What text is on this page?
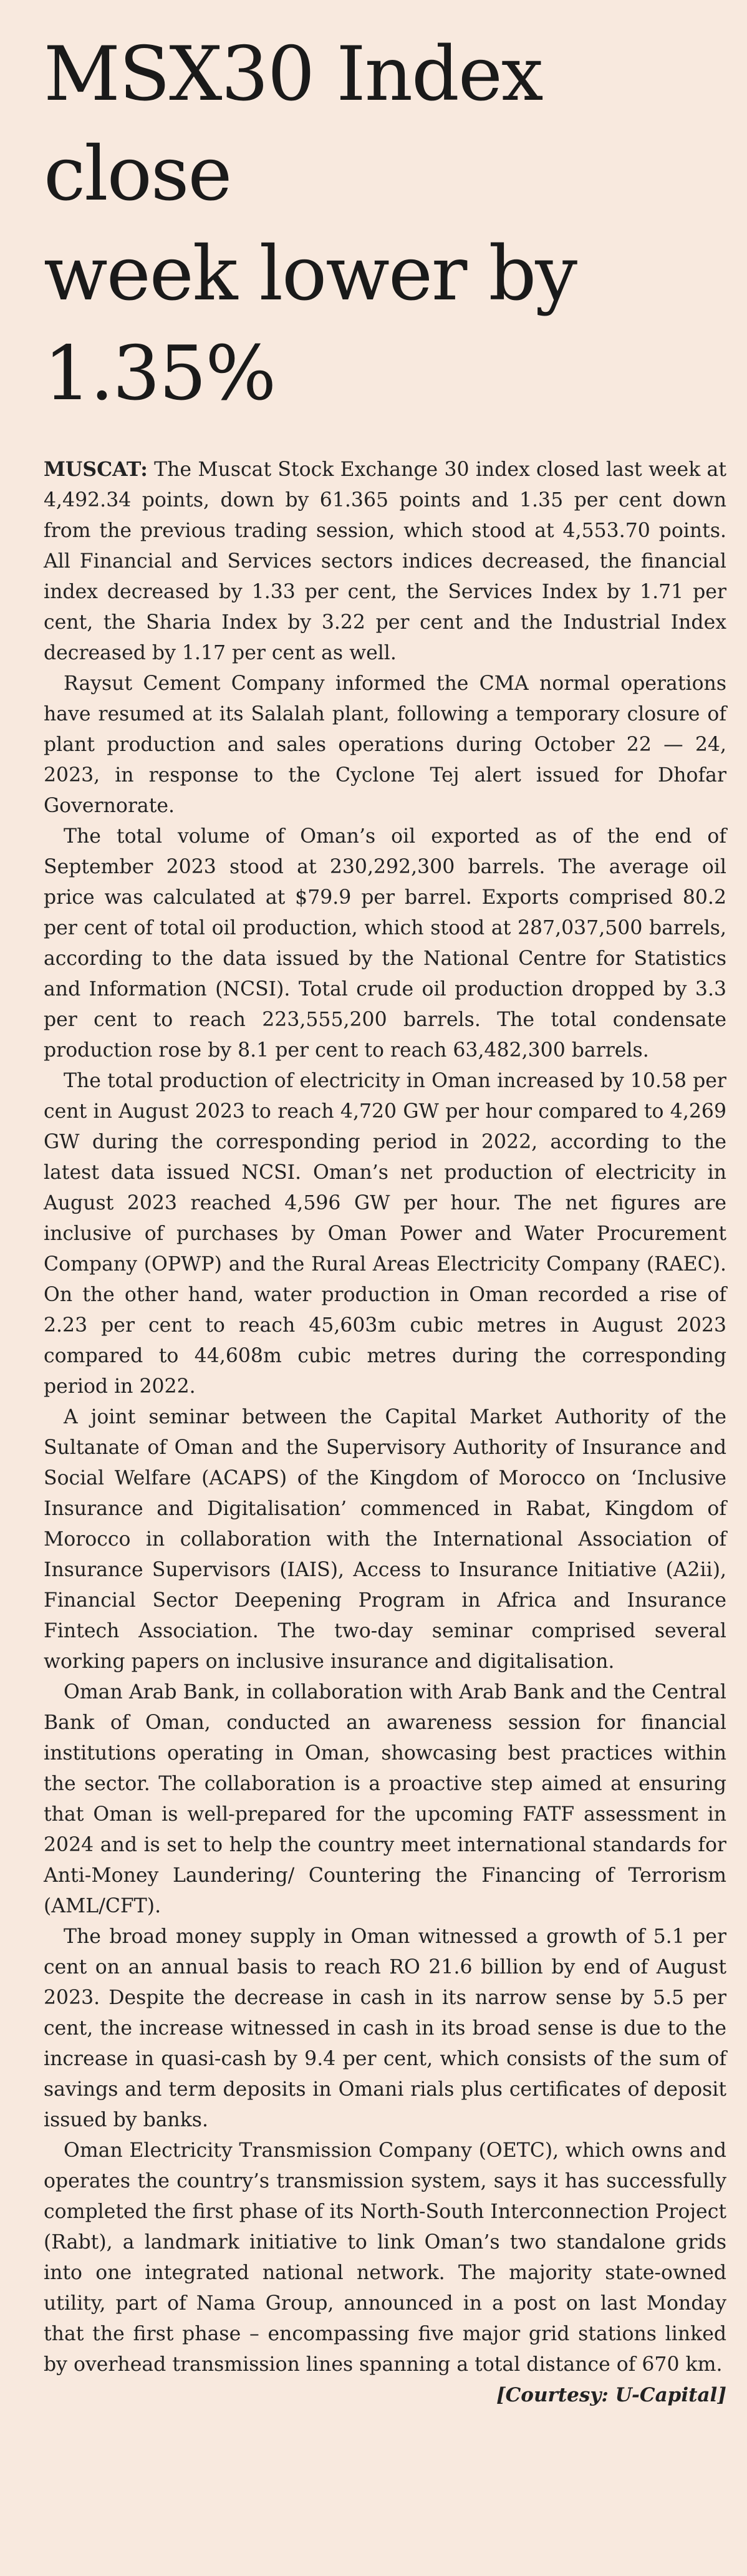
MSX30 Index close
week lower by 1.35%

MUSCAT: The Muscat Stock Exchange 30 index closed last week at 4,492.34 points, down by 61.365 points and 1.35 per cent down from the previous trading session, which stood at 4,553.70 points. All Financial and Services sectors indices decreased, the financial index decreased by 1.33 per cent, the Services Index by 1.71 per cent, the Sharia Index by 3.22 per cent and the Industrial Index decreased by 1.17 per cent as well.

Raysut Cement Company informed the CMA normal operations have resumed at its Salalah plant, following a temporary closure of plant production and sales operations during October 22 — 24, 2023, in response to the Cyclone Tej alert issued for Dhofar Governorate.

The total volume of Oman’s oil exported as of the end of September 2023 stood at 230,292,300 barrels. The average oil price was calculated at $79.9 per barrel. Exports comprised 80.2 per cent of total oil production, which stood at 287,037,500 barrels, according to the data issued by the National Centre for Statistics and Information (NCSI). Total crude oil production dropped by 3.3 per cent to reach 223,555,200 barrels. The total condensate production rose by 8.1 per cent to reach 63,482,300 barrels.

The total production of electricity in Oman increased by 10.58 per cent in August 2023 to reach 4,720 GW per hour compared to 4,269 GW during the corresponding period in 2022, according to the latest data issued NCSI. Oman’s net production of electricity in August 2023 reached 4,596 GW per hour. The net figures are inclusive of purchases by Oman Power and Water Procurement Company (OPWP) and the Rural Areas Electricity Company (RAEC). On the other hand, water production in Oman recorded a rise of 2.23 per cent to reach 45,603m cubic metres in August 2023 compared to 44,608m cubic metres during the corresponding period in 2022.

A joint seminar between the Capital Market Authority of the Sultanate of Oman and the Supervisory Authority of Insurance and Social Welfare (ACAPS) of the Kingdom of Morocco on ‘Inclusive Insurance and Digitalisation’ commenced in Rabat, Kingdom of Morocco in collaboration with the International Association of Insurance Supervisors (IAIS), Access to Insurance Initiative (A2ii), Financial Sector Deepening Program in Africa and Insurance Fintech Association. The two-day seminar comprised several working papers on inclusive insurance and digitalisation.

Oman Arab Bank, in collaboration with Arab Bank and the Central Bank of Oman, conducted an awareness session for financial institutions operating in Oman, showcasing best practices within the sector. The collaboration is a proactive step aimed at ensuring that Oman is well-prepared for the upcoming FATF assessment in 2024 and is set to help the country meet international standards for Anti-Money Laundering/ Countering the Financing of Terrorism (AML/CFT).

The broad money supply in Oman witnessed a growth of 5.1 per cent on an annual basis to reach RO 21.6 billion by end of August 2023. Despite the decrease in cash in its narrow sense by 5.5 per cent, the increase witnessed in cash in its broad sense is due to the increase in quasi-cash by 9.4 per cent, which consists of the sum of savings and term deposits in Omani rials plus certificates of deposit issued by banks.

Oman Electricity Transmission Company (OETC), which owns and operates the country’s transmission system, says it has successfully completed the first phase of its North-South Interconnection Project (Rabt), a landmark initiative to link Oman’s two standalone grids into one integrated national network. The majority state-owned utility, part of Nama Group, announced in a post on last Monday that the first phase – encompassing five major grid stations linked by overhead transmission lines spanning a total distance of 670 km.

[Courtesy: U-Capital]
